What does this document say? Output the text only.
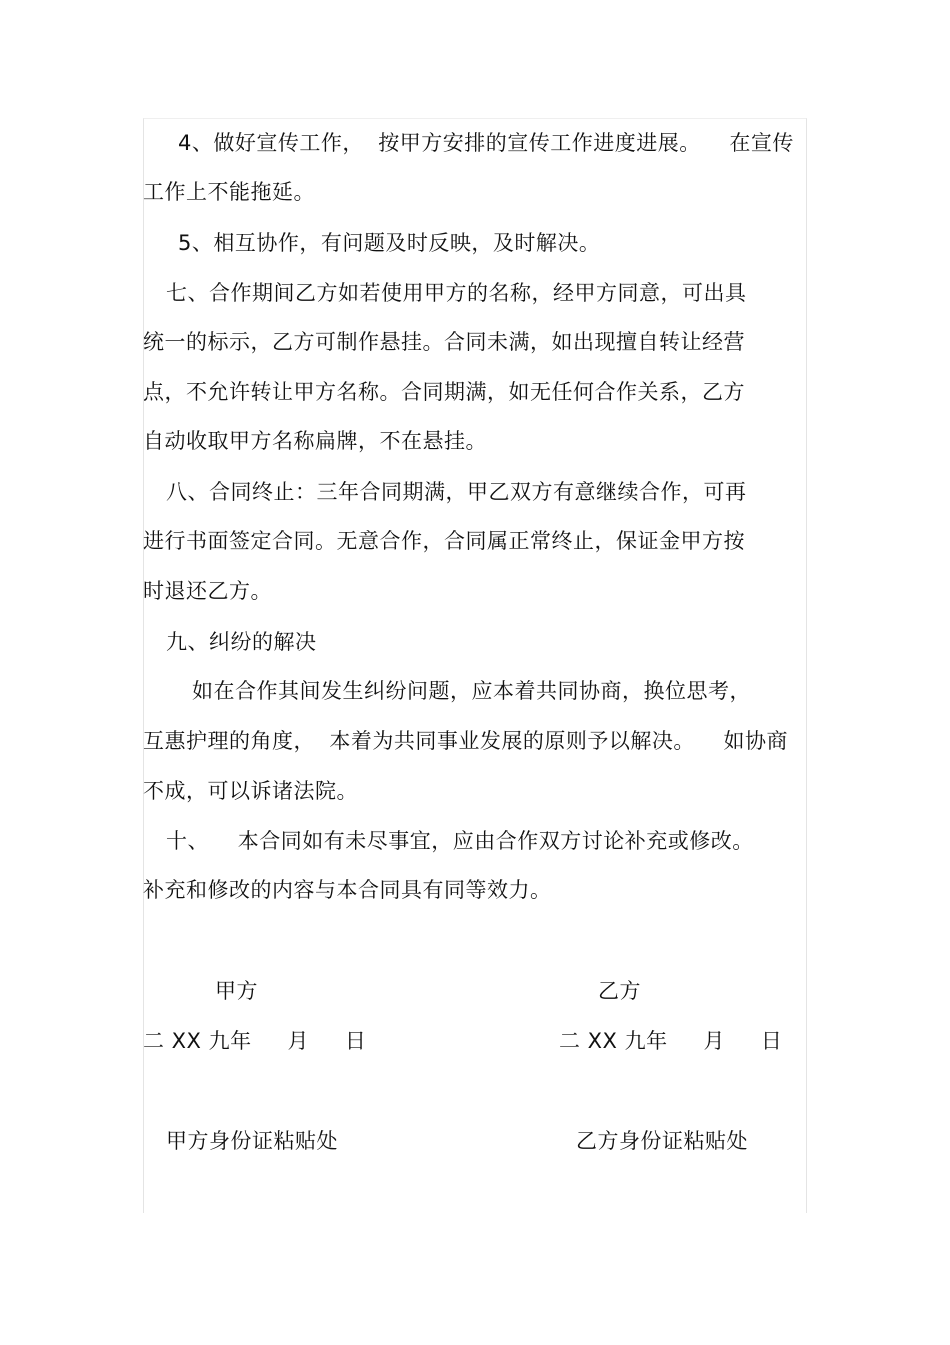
4、做好宣传工作，  按甲方安排的宣传工作进度进展。    在宣传
工作上不能拖延。
5、相互协作，有问题及时反映，及时解决。
七、合作期间乙方如若使用甲方的名称，经甲方同意，可出具
统一的标示，乙方可制作悬挂。合同未满，如出现擅自转让经营
点，不允许转让甲方名称。合同期满，如无任何合作关系，乙方
自动收取甲方名称扁牌，不在悬挂。
八、合同终止：三年合同期满，甲乙双方有意继续合作，可再
进行书面签定合同。无意合作，合同属正常终止，保证金甲方按
时退还乙方。
九、纠纷的解决
如在合作其间发生纠纷问题，应本着共同协商，换位思考，
互惠护理的角度，  本着为共同事业发展的原则予以解决。    如协商
不成，可以诉诸法院。
十、    本合同如有未尽事宜，应由合作双方讨论补充或修改。
补充和修改的内容与本合同具有同等效力。
甲方	乙方
二 XX 九年     月     日	二 XX 九年     月     日
甲方身份证粘贴处	乙方身份证粘贴处
